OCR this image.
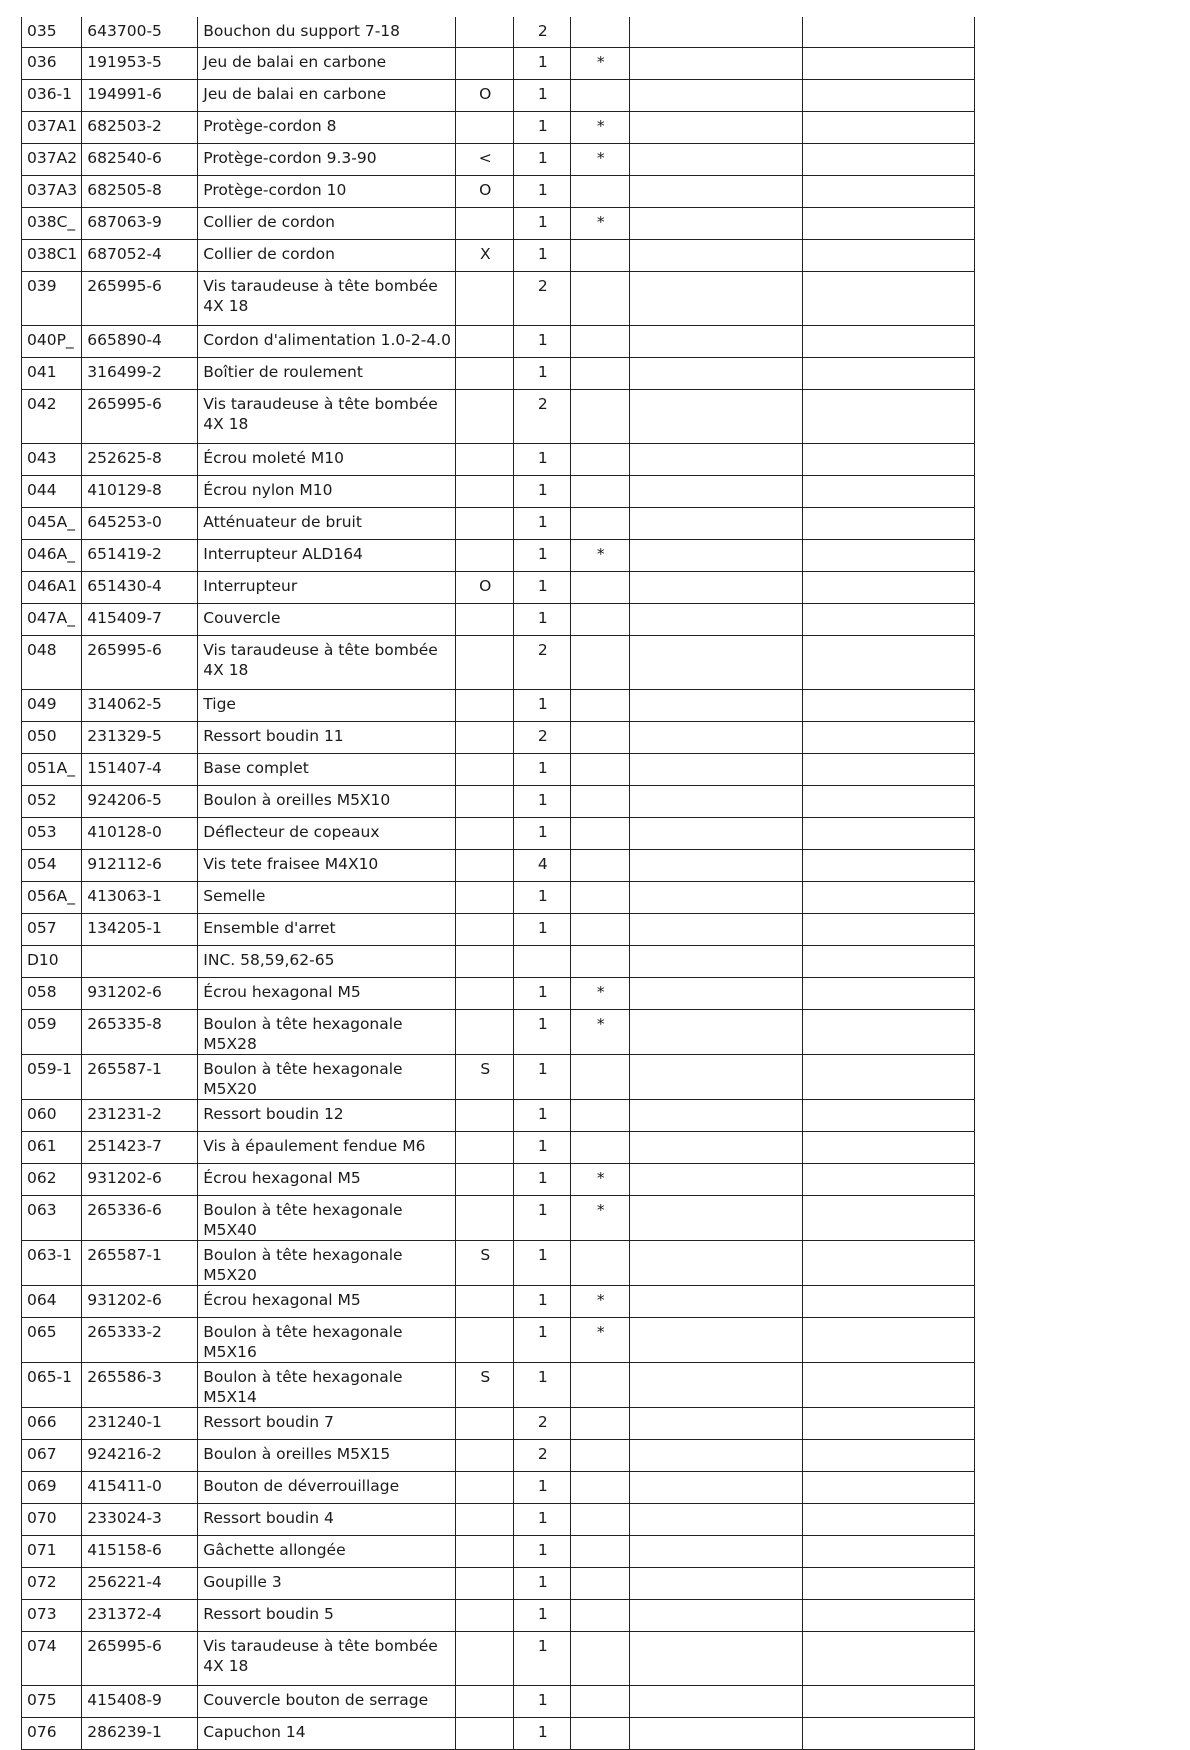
035	643700-5	Bouchon du support 7-18		2			
036	191953-5	Jeu de balai en carbone		1	*		
036-1	194991-6	Jeu de balai en carbone	O	1			
037A1	682503-2	Protège-cordon 8		1	*		
037A2	682540-6	Protège-cordon 9.3-90	<	1	*		
037A3	682505-8	Protège-cordon 10	O	1			
038C_	687063-9	Collier de cordon		1	*		
038C1	687052-4	Collier de cordon	X	1			
039	265995-6	Vis taraudeuse à tête bombée 4X 18		2			
040P_	665890-4	Cordon d'alimentation 1.0-2-4.0		1			
041	316499-2	Boîtier de roulement		1			
042	265995-6	Vis taraudeuse à tête bombée 4X 18		2			
043	252625-8	Écrou moleté M10		1			
044	410129-8	Écrou nylon M10		1			
045A_	645253-0	Atténuateur de bruit		1			
046A_	651419-2	Interrupteur ALD164		1	*		
046A1	651430-4	Interrupteur	O	1			
047A_	415409-7	Couvercle		1			
048	265995-6	Vis taraudeuse à tête bombée 4X 18		2			
049	314062-5	Tige		1			
050	231329-5	Ressort boudin 11		2			
051A_	151407-4	Base complet		1			
052	924206-5	Boulon à oreilles M5X10		1			
053	410128-0	Déflecteur de copeaux		1			
054	912112-6	Vis tete fraisee M4X10		4			
056A_	413063-1	Semelle		1			
057	134205-1	Ensemble d'arret		1			
D10		INC. 58,59,62-65					
058	931202-6	Écrou hexagonal M5		1	*		
059	265335-8	Boulon à tête hexagonale M5X28		1	*		
059-1	265587-1	Boulon à tête hexagonale M5X20	S	1			
060	231231-2	Ressort boudin 12		1			
061	251423-7	Vis à épaulement fendue M6		1			
062	931202-6	Écrou hexagonal M5		1	*		
063	265336-6	Boulon à tête hexagonale M5X40		1	*		
063-1	265587-1	Boulon à tête hexagonale M5X20	S	1			
064	931202-6	Écrou hexagonal M5		1	*		
065	265333-2	Boulon à tête hexagonale M5X16		1	*		
065-1	265586-3	Boulon à tête hexagonale M5X14	S	1			
066	231240-1	Ressort boudin 7		2			
067	924216-2	Boulon à oreilles M5X15		2			
069	415411-0	Bouton de déverrouillage		1			
070	233024-3	Ressort boudin 4		1			
071	415158-6	Gâchette allongée		1			
072	256221-4	Goupille 3		1			
073	231372-4	Ressort boudin 5		1			
074	265995-6	Vis taraudeuse à tête bombée 4X 18		1			
075	415408-9	Couvercle bouton de serrage		1			
076	286239-1	Capuchon 14		1			
